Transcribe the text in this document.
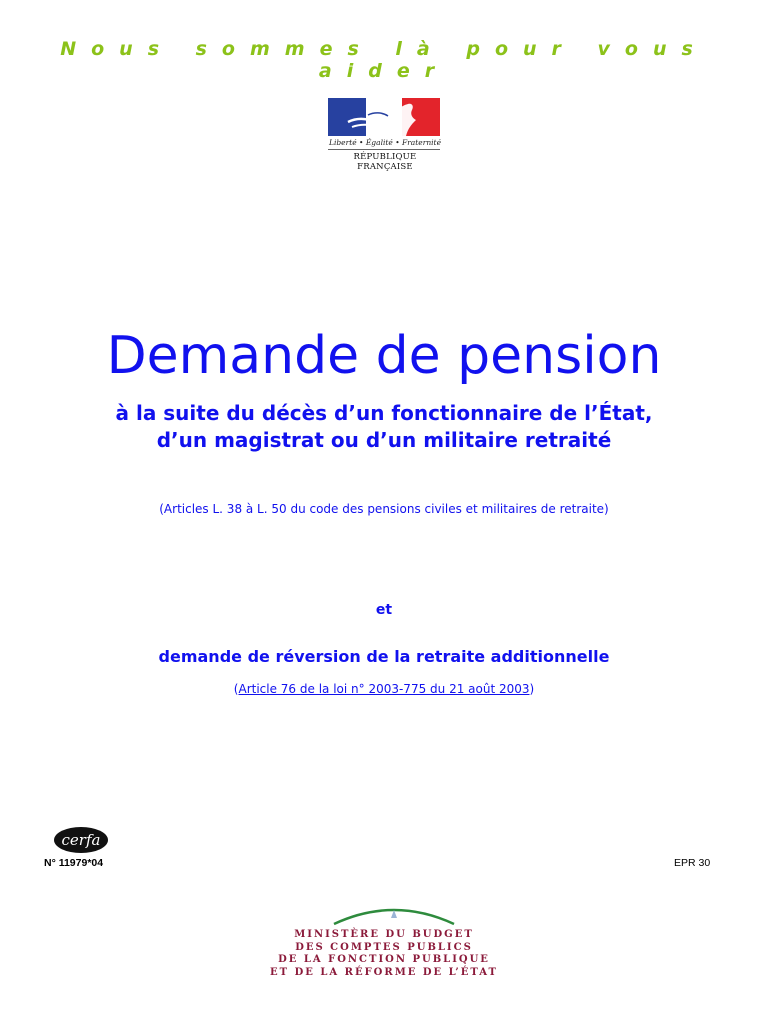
Nous sommes là pour vous aider
Liberté • Égalité • Fraternité
RÉPUBLIQUE FRANÇAISE
Demande de pension
à la suite du décès d’un fonctionnaire de l’État,
d’un magistrat ou d’un militaire retraité
(Articles L. 38 à L. 50 du code des pensions civiles et militaires de retraite)
et
demande de réversion de la retraite additionnelle
(Article 76 de la loi n° 2003-775 du 21 août 2003)
cerfa
N° 11979*04	EPR 30
MINISTÈRE DU BUDGET
DES COMPTES PUBLICS
DE LA FONCTION PUBLIQUE
ET DE LA RÉFORME DE L’ÉTAT
